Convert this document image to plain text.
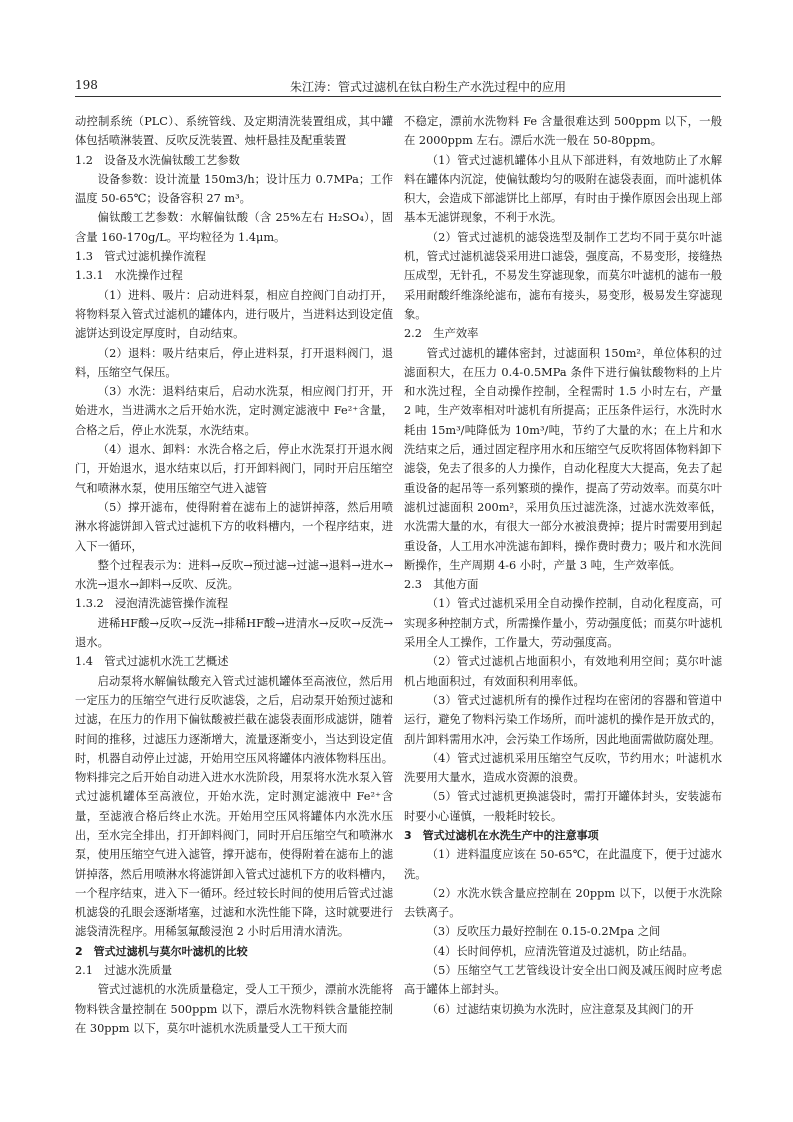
198	朱江涛：管式过滤机在钛白粉生产水洗过程中的应用

动控制系统（PLC）、系统管线、及定期清洗装置组成，其中罐体包括喷淋装置、反吹反洗装置、烛杆悬挂及配重装置

1.2　设备及水洗偏钛酸工艺参数

设备参数：设计流量 150m3/h；设计压力 0.7MPa；工作温度 50-65℃；设备容积 27 m³。

偏钛酸工艺参数：水解偏钛酸（含 25%左右 H₂SO₄），固含量 160-170g/L。平均粒径为 1.4μm。

1.3　管式过滤机操作流程

1.3.1　水洗操作过程

（1）进料、吸片：启动进料泵，相应自控阀门自动打开，将物料泵入管式过滤机的罐体内，进行吸片，当进料达到设定值滤饼达到设定厚度时，自动结束。

（2）退料：吸片结束后，停止进料泵，打开退料阀门，退料，压缩空气保压。

（3）水洗：退料结束后，启动水洗泵，相应阀门打开，开始进水，当进满水之后开始水洗，定时测定滤液中 Fe²⁺含量，合格之后，停止水洗泵，水洗结束。

（4）退水、卸料：水洗合格之后，停止水洗泵打开退水阀门，开始退水，退水结束以后，打开卸料阀门，同时开启压缩空气和喷淋水泵，使用压缩空气进入滤管

（5）撑开滤布，使得附着在滤布上的滤饼掉落，然后用喷淋水将滤饼卸入管式过滤机下方的收料槽内，一个程序结束，进入下一循环，

整个过程表示为：进料→反吹→预过滤→过滤→退料→进水→水洗→退水→卸料→反吹、反洗。

1.3.2　浸泡清洗滤管操作流程

进稀HF酸→反吹→反洗→排稀HF酸→进清水→反吹→反洗→退水。

1.4　管式过滤机水洗工艺概述

启动泵将水解偏钛酸充入管式过滤机罐体至高液位，然后用一定压力的压缩空气进行反吹滤袋，之后，启动泵开始预过滤和过滤，在压力的作用下偏钛酸被拦截在滤袋表面形成滤饼，随着时间的推移，过滤压力逐渐增大，流量逐渐变小，当达到设定值时，机器自动停止过滤，开始用空压风将罐体内液体物料压出。物料排完之后开始自动进入进水水洗阶段，用泵将水洗水泵入管式过滤机罐体至高液位，开始水洗，定时测定滤液中 Fe²⁺含量，至滤液合格后终止水洗。开始用空压风将罐体内水洗水压出，至水完全排出，打开卸料阀门，同时开启压缩空气和喷淋水泵，使用压缩空气进入滤管，撑开滤布，使得附着在滤布上的滤饼掉落，然后用喷淋水将滤饼卸入管式过滤机下方的收料槽内，一个程序结束，进入下一循环。经过较长时间的使用后管式过滤机滤袋的孔眼会逐渐堵塞，过滤和水洗性能下降，这时就要进行滤袋清洗程序。用稀氢氟酸浸泡 2 小时后用清水清洗。

2　管式过滤机与莫尔叶滤机的比较

2.1　过滤水洗质量

管式过滤机的水洗质量稳定，受人工干预少，漂前水洗能将物料铁含量控制在 500ppm 以下，漂后水洗物料铁含量能控制在 30ppm 以下，莫尔叶滤机水洗质量受人工干预大而

不稳定，漂前水洗物料 Fe 含量很难达到 500ppm 以下，一般在 2000ppm 左右。漂后水洗一般在 50-80ppm。

（1）管式过滤机罐体小且从下部进料，有效地防止了水解料在罐体内沉淀，使偏钛酸均匀的吸附在滤袋表面，而叶滤机体积大，会造成下部滤饼比上部厚，有时由于操作原因会出现上部基本无滤饼现象，不利于水洗。

（2）管式过滤机的滤袋选型及制作工艺均不同于莫尔叶滤机，管式过滤机滤袋采用进口滤袋，强度高，不易变形，接缝热压成型，无针孔，不易发生穿滤现象，而莫尔叶滤机的滤布一般采用耐酸纤维涤纶滤布，滤布有接头，易变形，极易发生穿滤现象。

2.2　生产效率

管式过滤机的罐体密封，过滤面积 150m²，单位体积的过滤面积大，在压力 0.4-0.5MPa 条件下进行偏钛酸物料的上片和水洗过程，全自动操作控制，全程需时 1.5 小时左右，产量 2 吨，生产效率相对叶滤机有所提高；正压条件运行，水洗时水耗由 15m³/吨降低为 10m³/吨，节约了大量的水；在上片和水洗结束之后，通过固定程序用水和压缩空气反吹将固体物料卸下滤袋，免去了很多的人力操作，自动化程度大大提高，免去了起重设备的起吊等一系列繁琐的操作，提高了劳动效率。而莫尔叶滤机过滤面积 200m²，采用负压过滤洗涤，过滤水洗效率低，水洗需大量的水，有很大一部分水被浪费掉；提片时需要用到起重设备，人工用水冲洗滤布卸料，操作费时费力；吸片和水洗间断操作，生产周期 4-6 小时，产量 3 吨，生产效率低。

2.3　其他方面

（1）管式过滤机采用全自动操作控制，自动化程度高，可实现多种控制方式，所需操作量小，劳动强度低；而莫尔叶滤机采用全人工操作，工作量大，劳动强度高。

（2）管式过滤机占地面积小，有效地利用空间；莫尔叶滤机占地面积过，有效面积利用率低。

（3）管式过滤机所有的操作过程均在密闭的容器和管道中运行，避免了物料污染工作场所，而叶滤机的操作是开放式的，刮片卸料需用水冲，会污染工作场所，因此地面需做防腐处理。

（4）管式过滤机采用压缩空气反吹，节约用水；叶滤机水洗要用大量水，造成水资源的浪费。

（5）管式过滤机更换滤袋时，需打开罐体封头，安装滤布时要小心谨慎，一般耗时较长。

3　管式过滤机在水洗生产中的注意事项

（1）进料温度应该在 50-65℃，在此温度下，便于过滤水洗。

（2）水洗水铁含量应控制在 20ppm 以下，以便于水洗除去铁离子。

（3）反吹压力最好控制在 0.15-0.2Mpa 之间

（4）长时间停机，应清洗管道及过滤机，防止结晶。

（5）压缩空气工艺管线设计安全出口阀及减压阀时应考虑高于罐体上部封头。

（6）过滤结束切换为水洗时，应注意泵及其阀门的开
